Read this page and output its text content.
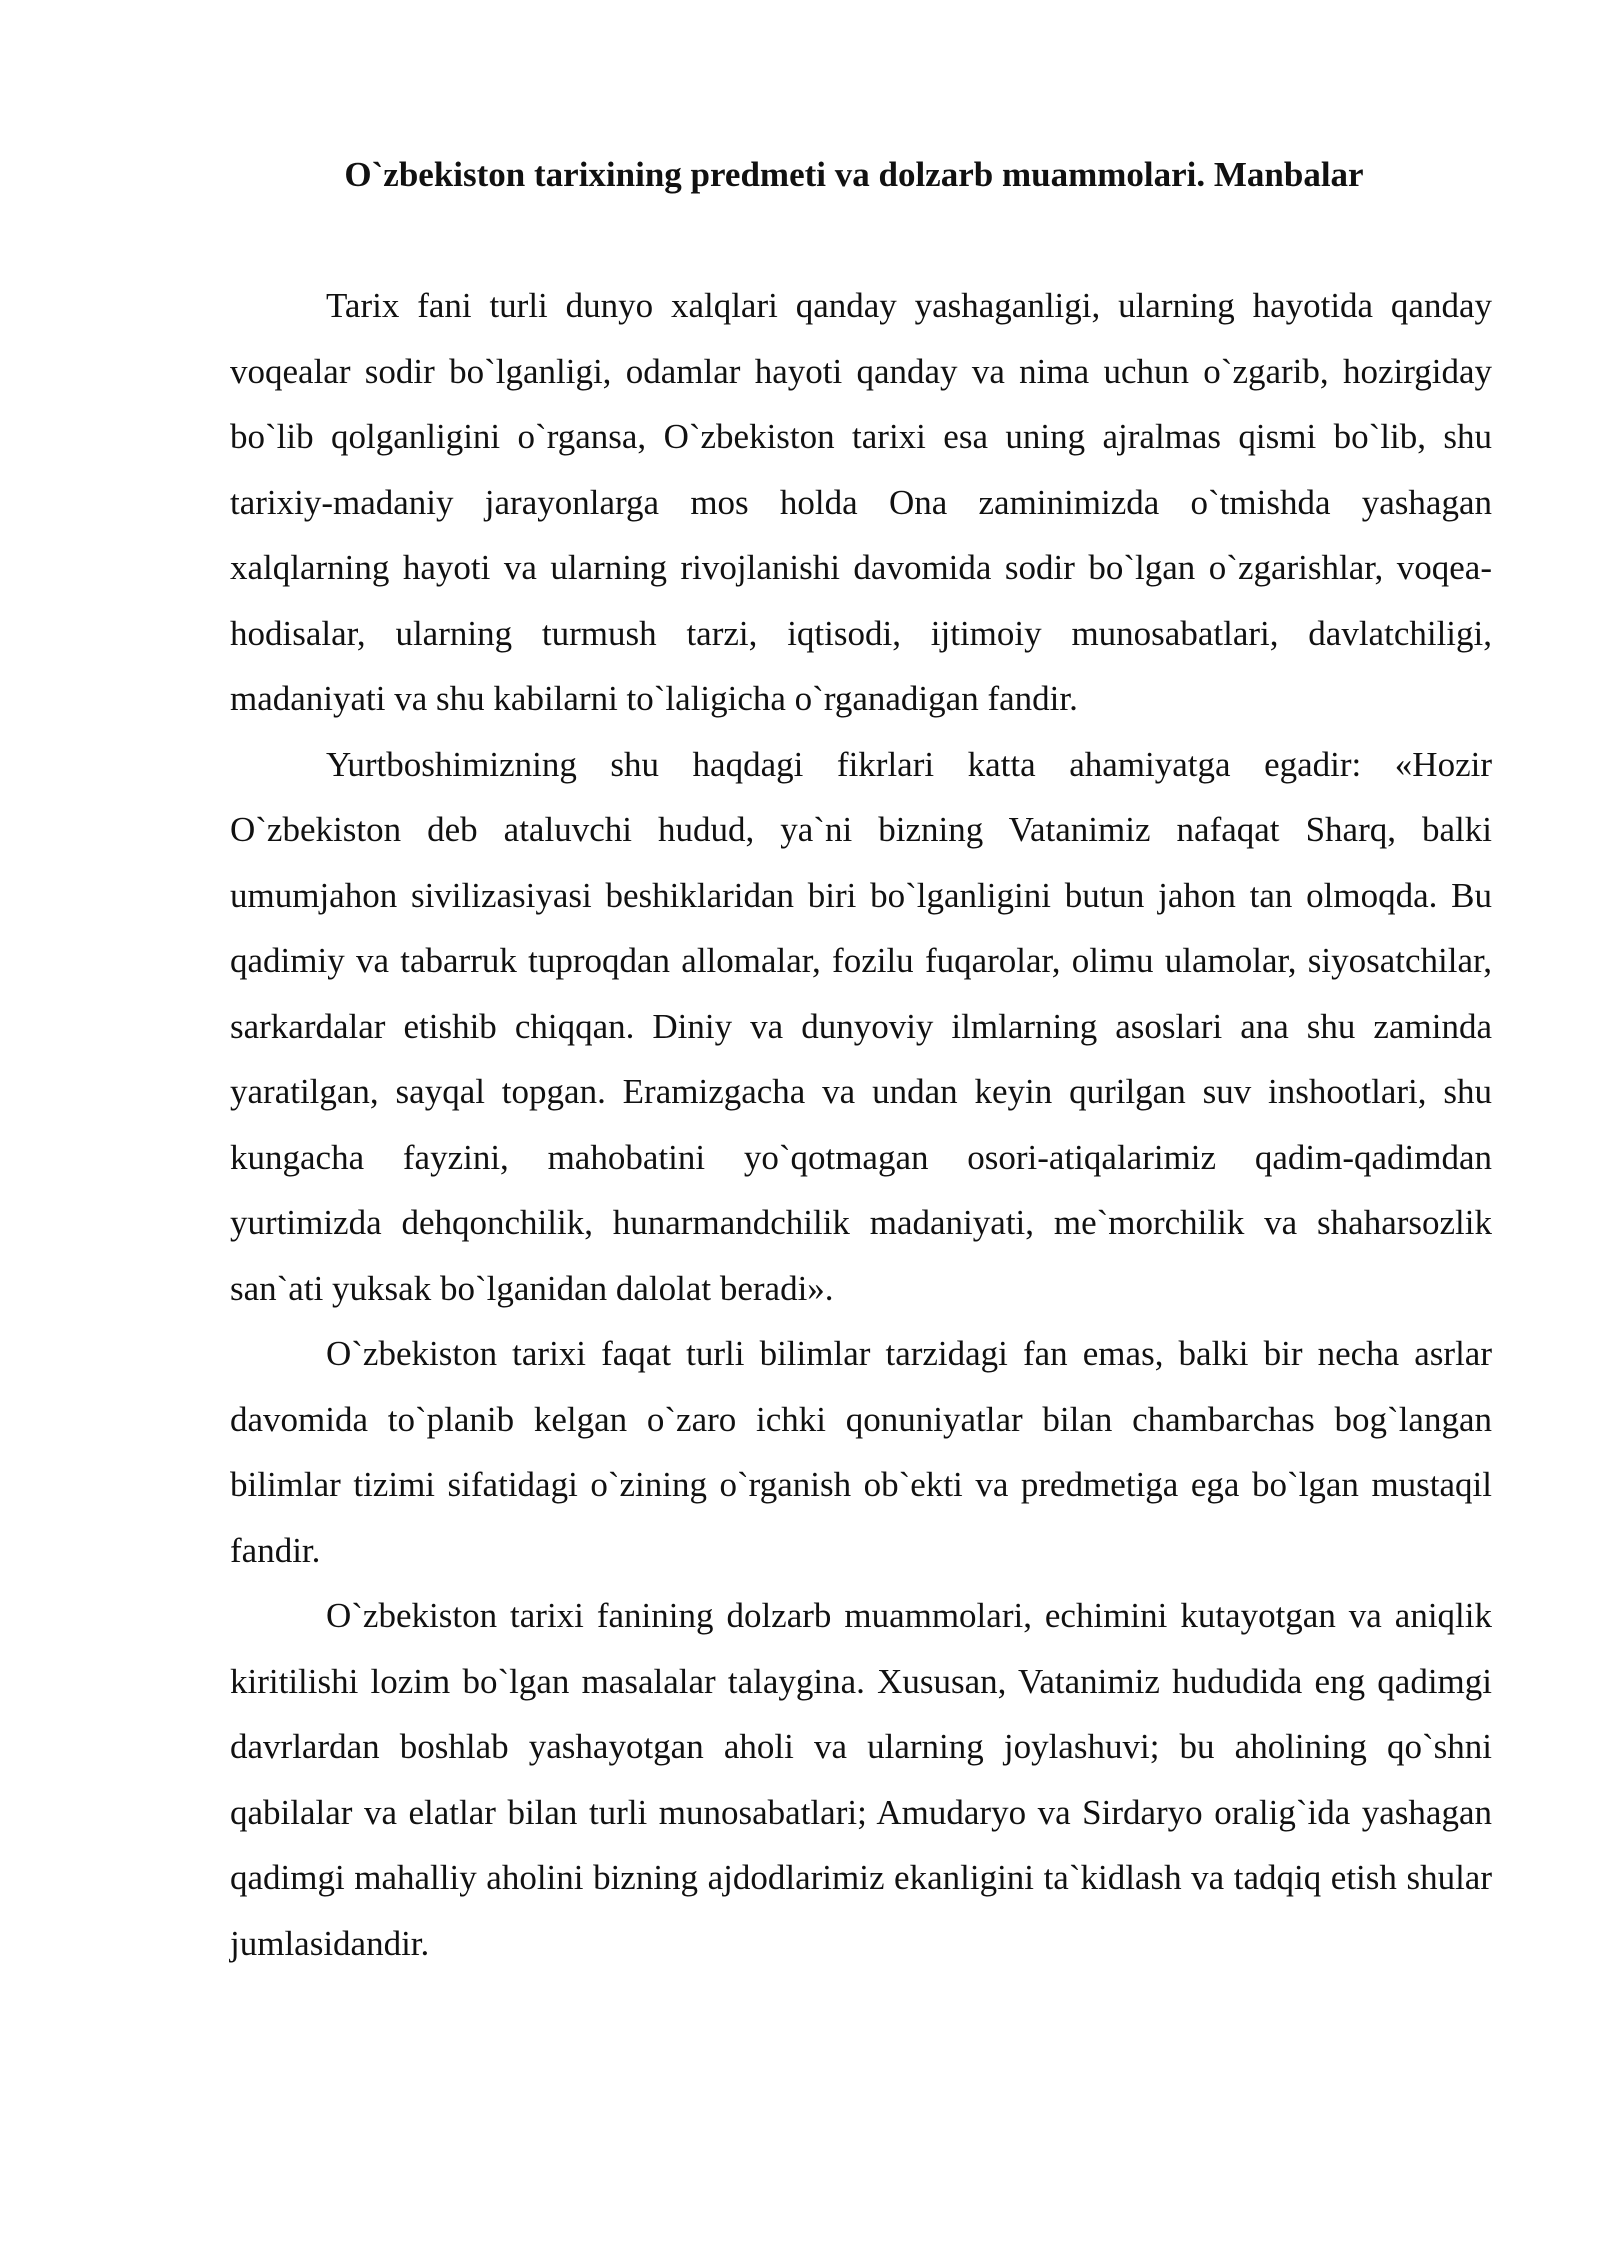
O`zbekiston tarixining predmeti va dolzarb muammolari. Manbalar

Tarix fani turli dunyo xalqlari qanday yashaganligi, ularning hayotida qanday voqealar sodir bo`lganligi, odamlar hayoti qanday va nima uchun o`zgarib, hozirgiday bo`lib qolganligini o`rgansa, O`zbekiston tarixi esa uning ajralmas qismi bo`lib, shu tarixiy-madaniy jarayonlarga mos holda Ona zaminimizda o`tmishda yashagan xalqlarning hayoti va ularning rivojlanishi davomida sodir bo`lgan o`zgarishlar, voqea-hodisalar, ularning turmush tarzi, iqtisodi, ijtimoiy munosabatlari, davlatchiligi, madaniyati va shu kabilarni to`laligicha o`rganadigan fandir.

Yurtboshimizning shu haqdagi fikrlari katta ahamiyatga egadir: «Hozir O`zbekiston deb ataluvchi hudud, ya`ni bizning Vatanimiz nafaqat Sharq, balki umumjahon sivilizasiyasi beshiklaridan biri bo`lganligini butun jahon tan olmoqda. Bu qadimiy va tabarruk tuproqdan allomalar, fozilu fuqarolar, olimu ulamolar, siyosatchilar, sarkardalar etishib chiqqan. Diniy va dunyoviy ilmlarning asoslari ana shu zaminda yaratilgan, sayqal topgan. Eramizgacha va undan keyin qurilgan suv inshootlari, shu kungacha fayzini, mahobatini yo`qotmagan osori-atiqalarimiz qadim-qadimdan yurtimizda dehqonchilik, hunarmandchilik madaniyati, me`morchilik va shaharsozlik san`ati yuksak bo`lganidan dalolat beradi».

O`zbekiston tarixi faqat turli bilimlar tarzidagi fan emas, balki bir necha asrlar davomida to`planib kelgan o`zaro ichki qonuniyatlar bilan chambarchas bog`langan bilimlar tizimi sifatidagi o`zining o`rganish ob`ekti va predmetiga ega bo`lgan mustaqil fandir.

O`zbekiston tarixi fanining dolzarb muammolari, echimini kutayotgan va aniqlik kiritilishi lozim bo`lgan masalalar talaygina. Xususan, Vatanimiz hududida eng qadimgi davrlardan boshlab yashayotgan aholi va ularning joylashuvi; bu aholining qo`shni qabilalar va elatlar bilan turli munosabatlari; Amudaryo va Sirdaryo oralig`ida yashagan qadimgi mahalliy aholini bizning ajdodlarimiz ekanligini ta`kidlash va tadqiq etish shular jumlasidandir.
